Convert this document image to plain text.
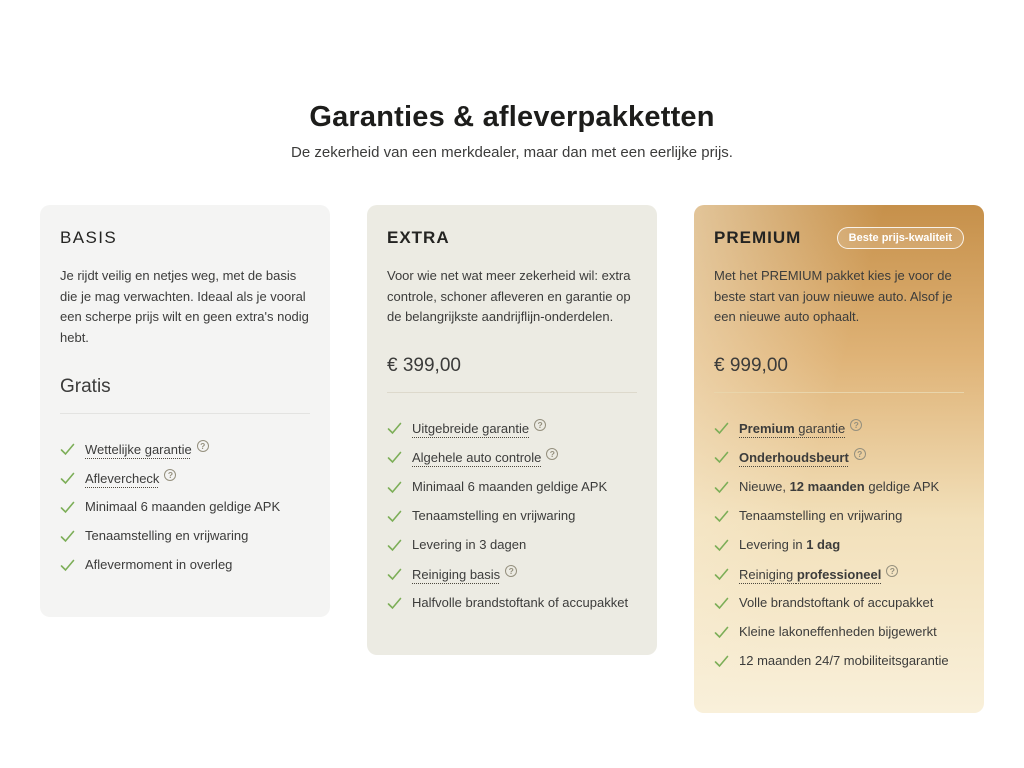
Garanties & afleverpakketten

De zekerheid van een merkdealer, maar dan met een eerlijke prijs.

BASIS

Je rijdt veilig en netjes weg, met de basis die je mag verwachten. Ideaal als je vooral een scherpe prijs wilt en geen extra's nodig hebt.

Gratis
Wettelijke garantie ?
Aflevercheck ?
Minimaal 6 maanden geldige APK
Tenaamstelling en vrijwaring
Aflevermoment in overleg
EXTRA

Voor wie net wat meer zekerheid wil: extra controle, schoner afleveren en garantie op de belangrijkste aandrijflijn-onderdelen.

€ 399,00
Uitgebreide garantie ?
Algehele auto controle ?
Minimaal 6 maanden geldige APK
Tenaamstelling en vrijwaring
Levering in 3 dagen
Reiniging basis ?
Halfvolle brandstoftank of accupakket
PREMIUM	Beste prijs-kwaliteit

Met het PREMIUM pakket kies je voor de beste start van jouw nieuwe auto. Alsof je een nieuwe auto ophaalt.

€ 999,00
Premium garantie ?
Onderhoudsbeurt ?
Nieuwe, 12 maanden geldige APK
Tenaamstelling en vrijwaring
Levering in 1 dag
Reiniging professioneel ?
Volle brandstoftank of accupakket
Kleine lakoneffenheden bijgewerkt
12 maanden 24/7 mobiliteitsgarantie
